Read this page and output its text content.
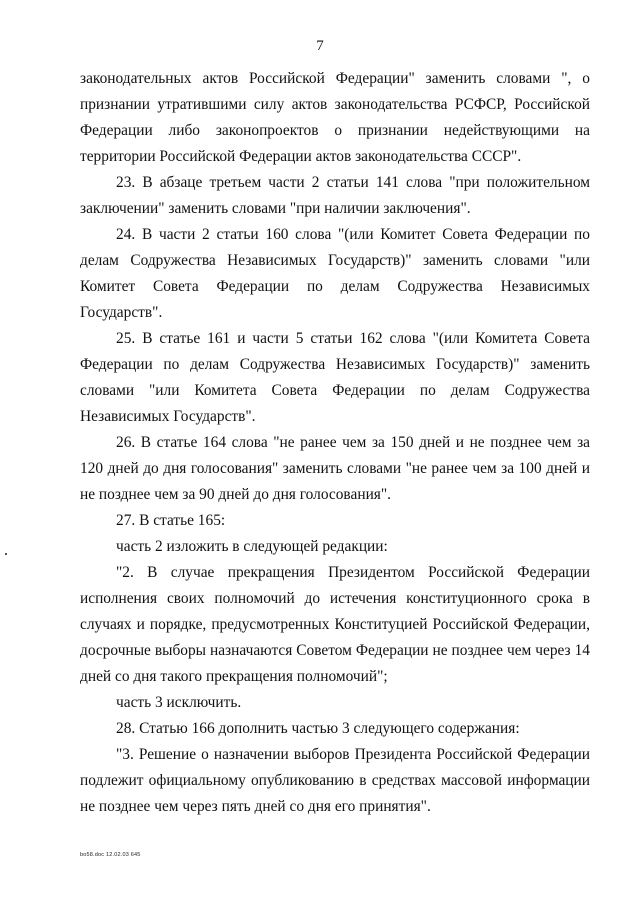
7

законодательных актов Российской Федерации" заменить словами ", о признании утратившими силу актов законодательства РСФСР, Российской Федерации либо законопроектов о признании недействующими на территории Российской Федерации актов законодательства СССР".

23. В абзаце третьем части 2 статьи 141 слова "при положительном заключении" заменить словами "при наличии заключения".

24. В части 2 статьи 160 слова "(или Комитет Совета Федерации по делам Содружества Независимых Государств)" заменить словами "или Комитет Совета Федерации по делам Содружества Независимых Государств".

25. В статье 161 и части 5 статьи 162 слова "(или Комитета Совета Федерации по делам Содружества Независимых Государств)" заменить словами "или Комитета Совета Федерации по делам Содружества Независимых Государств".

26. В статье 164 слова "не ранее чем за 150 дней и не позднее чем за 120 дней до дня голосования" заменить словами "не ранее чем за 100 дней и не позднее чем за 90 дней до дня голосования".

27. В статье 165:

часть 2 изложить в следующей редакции:

"2. В случае прекращения Президентом Российской Федерации исполнения своих полномочий до истечения конституционного срока в случаях и порядке, предусмотренных Конституцией Российской Федерации, досрочные выборы назначаются Советом Федерации не позднее чем через 14 дней со дня такого прекращения полномочий";

часть 3 исключить.

28. Статью 166 дополнить частью 3 следующего содержания:

"3. Решение о назначении выборов Президента Российской Федерации подлежит официальному опубликованию в средствах массовой информации не позднее чем через пять дней со дня его принятия".

bo58.doc 12.02.03 645
